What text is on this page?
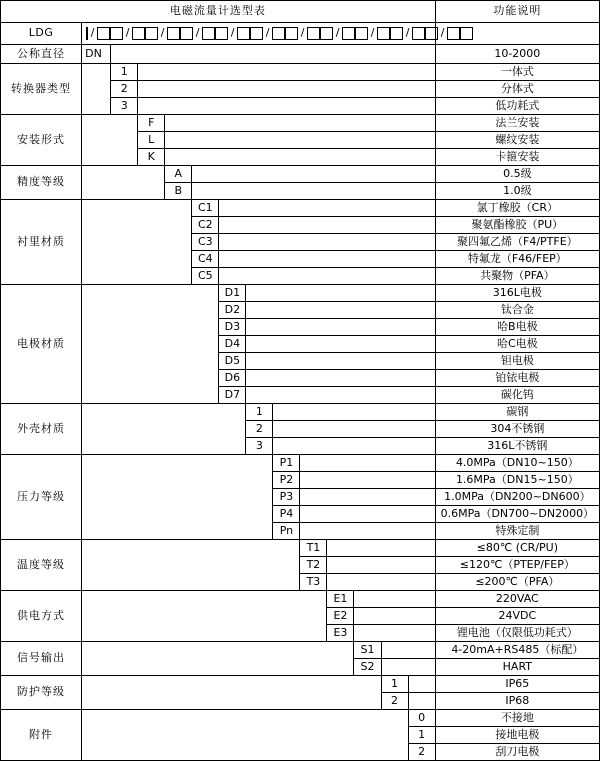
电磁流量计选型表														功能说明
LDG	/	/	/	/	/	/	/	/	/	/	/

公称直径	DN													10-2000
转换器类型		1												一体式
		2												分体式
		3												低功耗式
安装形式			F											法兰安装
			L											螺纹安装
			K											卡箍安装
精度等级				A										0.5级
				B										1.0级
衬里材质					C1									氯丁橡胶（CR）
					C2									聚氨酯橡胶（PU）
					C3									聚四氟乙烯（F4/PTFE）
					C4									特氟龙（F46/FEP）
					C5									共聚物（PFA）
电极材质						D1								316L电极
						D2								钛合金
						D3								哈B电极
						D4								哈C电极
						D5								钽电极
						D6								铂铱电极
						D7								碳化钨
外壳材质							1							碳钢
							2							304不锈钢
							3							316L不锈钢
压力等级								P1						4.0MPa（DN10~150）
								P2						1.6MPa（DN15~150）
								P3						1.0MPa（DN200~DN600）
								P4						0.6MPa（DN700~DN2000）
								Pn						特殊定制
温度等级									T1					≤80℃ (CR/PU)
									T2					≤120℃（PTEP/FEP）
									T3					≤200℃（PFA）
供电方式										E1				220VAC
										E2				24VDC
										E3				锂电池（仅限低功耗式）
信号输出											S1			4-20mA+RS485（标配）
											S2			HART
防护等级												1		IP65
												2		IP68
附件													0	不接地
													1	接地电极
													2	刮刀电极
